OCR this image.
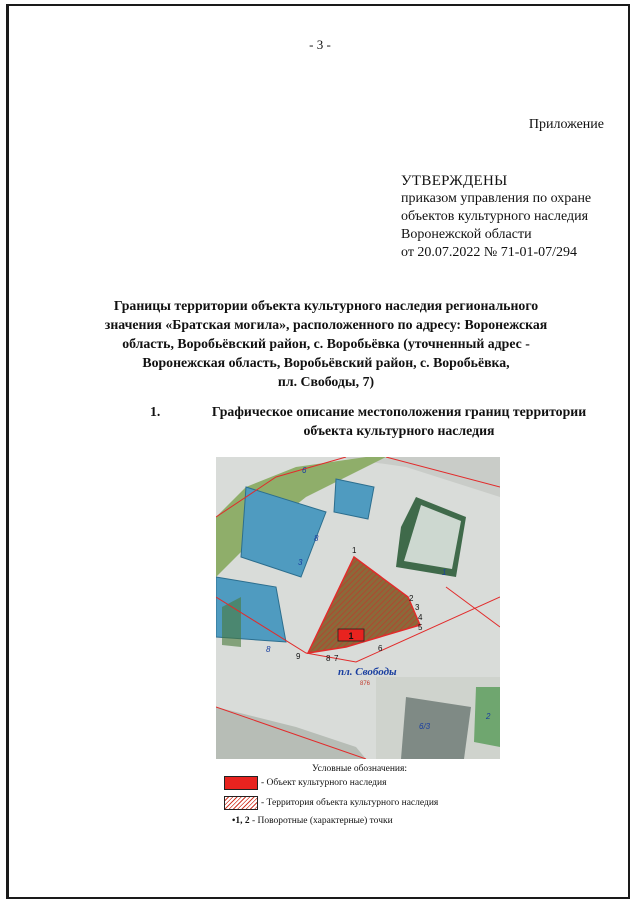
- 3 -
Приложение
УТВЕРЖДЕНЫ
приказом управления по охране
объектов культурного наследия
Воронежской области
от 20.07.2022 № 71-01-07/294
Границы территории объекта культурного наследия регионального
значения «Братская могила», расположенного по адресу: Воронежская
область, Воробьёвский район, с. Воробьёвка (уточненный адрес -
Воронежская область, Воробьёвский район, с. Воробьёвка,
пл. Свободы, 7)
1.	Графическое описание местоположения границ территории
объекта культурного наследия
1
1
2
3
4
5
6
7
8
9
6
8
3
8
1
6/3
2
пл. Свободы
876
Условные обозначения:
- Объект культурного наследия
- Территория объекта культурного наследия
•1, 2 - Поворотные (характерные) точки
